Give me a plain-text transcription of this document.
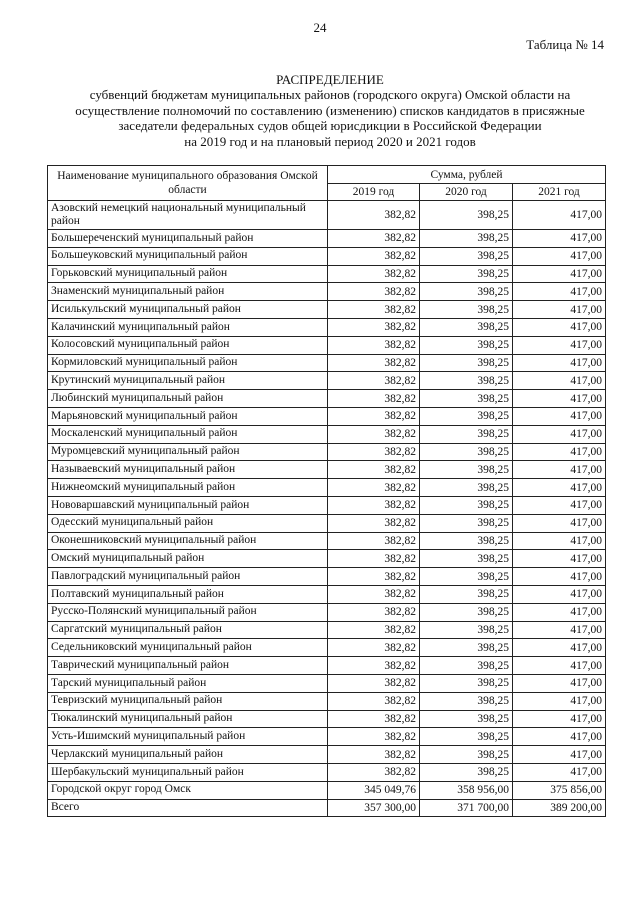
24
Таблица № 14
РАСПРЕДЕЛЕНИЕ
субвенций бюджетам муниципальных районов (городского округа) Омской области на
осуществление полномочий по составлению (изменению) списков кандидатов в присяжные
заседатели федеральных судов общей юрисдикции в Российской Федерации
на 2019 год и на плановый период 2020 и 2021 годов
Наименование муниципального образования Омской области	Сумма, рублей		
	2019 год	2020 год	2021 год
Азовский немецкий национальный муниципальный район	382,82	398,25	417,00
Большереченский муниципальный район	382,82	398,25	417,00
Большеуковский муниципальный район	382,82	398,25	417,00
Горьковский муниципальный район	382,82	398,25	417,00
Знаменский муниципальный район	382,82	398,25	417,00
Исилькульский муниципальный район	382,82	398,25	417,00
Калачинский муниципальный район	382,82	398,25	417,00
Колосовский муниципальный район	382,82	398,25	417,00
Кормиловский муниципальный район	382,82	398,25	417,00
Крутинский муниципальный район	382,82	398,25	417,00
Любинский муниципальный район	382,82	398,25	417,00
Марьяновский муниципальный район	382,82	398,25	417,00
Москаленский муниципальный район	382,82	398,25	417,00
Муромцевский муниципальный район	382,82	398,25	417,00
Называевский муниципальный район	382,82	398,25	417,00
Нижнеомский муниципальный район	382,82	398,25	417,00
Нововаршавский муниципальный район	382,82	398,25	417,00
Одесский муниципальный район	382,82	398,25	417,00
Оконешниковский муниципальный район	382,82	398,25	417,00
Омский муниципальный район	382,82	398,25	417,00
Павлоградский муниципальный район	382,82	398,25	417,00
Полтавский муниципальный район	382,82	398,25	417,00
Русско-Полянский муниципальный район	382,82	398,25	417,00
Саргатский муниципальный район	382,82	398,25	417,00
Седельниковский муниципальный район	382,82	398,25	417,00
Таврический муниципальный район	382,82	398,25	417,00
Тарский муниципальный район	382,82	398,25	417,00
Тевризский муниципальный район	382,82	398,25	417,00
Тюкалинский муниципальный район	382,82	398,25	417,00
Усть-Ишимский муниципальный район	382,82	398,25	417,00
Черлакский муниципальный район	382,82	398,25	417,00
Шербакульский муниципальный район	382,82	398,25	417,00
Городской округ город Омск	345 049,76	358 956,00	375 856,00
Всего	357 300,00	371 700,00	389 200,00
